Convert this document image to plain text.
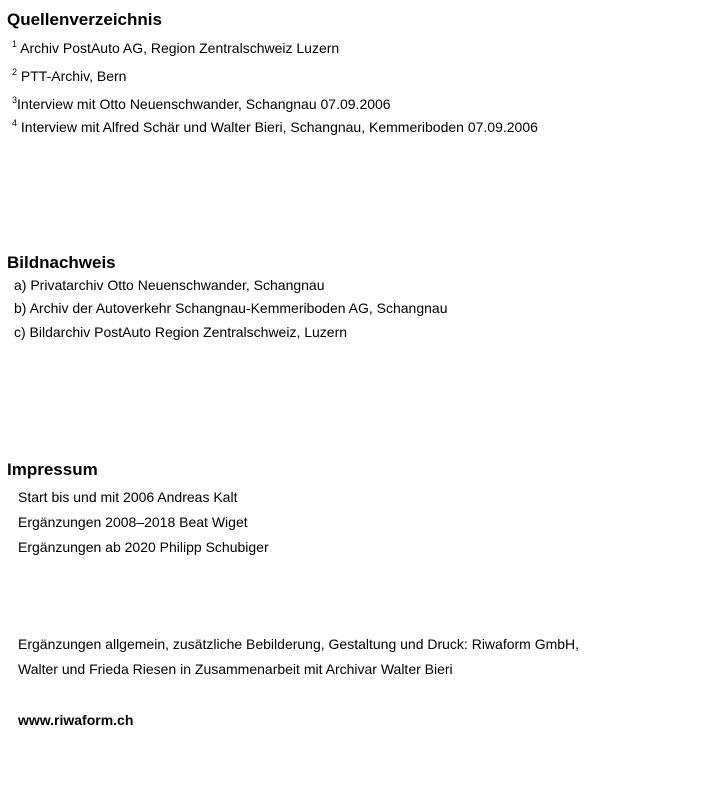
Quellenverzeichnis

$^1$ Archiv PostAuto AG, Region Zentralschweiz Luzern

$^2$ PTT-Archiv, Bern

$^3$Interview mit Otto Neuenschwander, Schangnau 07.09.2006

$^4$ Interview mit Alfred Schär und Walter Bieri, Schangnau, Kemmeriboden 07.09.2006

Bildnachweis

a) Privatarchiv Otto Neuenschwander, Schangnau

b) Archiv der Autoverkehr Schangnau-Kemmeriboden AG, Schangnau

c) Bildarchiv PostAuto Region Zentralschweiz, Luzern

Impressum

Start bis und mit 2006 Andreas Kalt

Ergänzungen 2008–2018 Beat Wiget

Ergänzungen ab 2020 Philipp Schubiger

Ergänzungen allgemein, zusätzliche Bebilderung, Gestaltung und Druck: Riwaform GmbH,

Walter und Frieda Riesen in Zusammenarbeit mit Archivar Walter Bieri

www.riwaform.ch
